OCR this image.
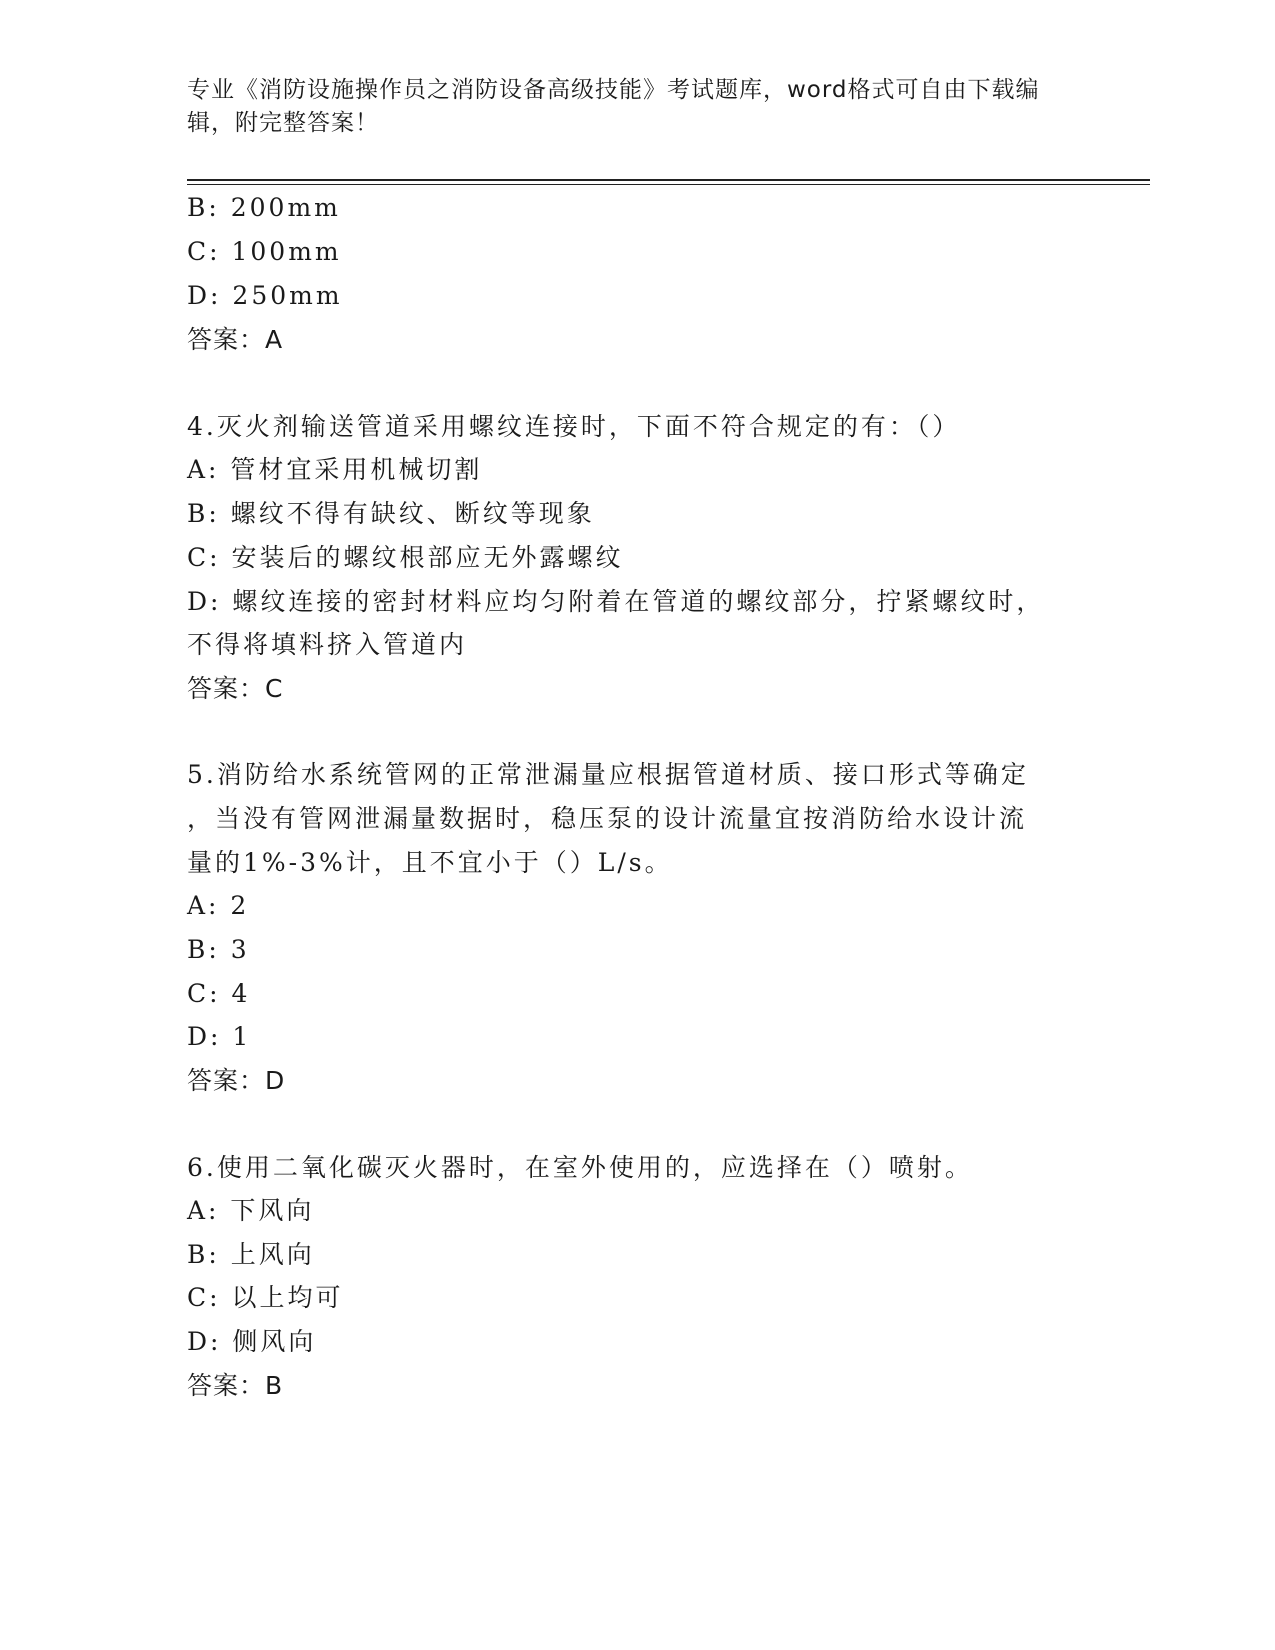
专业《消防设施操作员之消防设备高级技能》考试题库，word格式可自由下载编
辑，附完整答案！
B: 200mm
C: 100mm
D: 250mm
答案：A
4.灭火剂输送管道采用螺纹连接时，下面不符合规定的有：（）
A: 管材宜采用机械切割
B: 螺纹不得有缺纹、断纹等现象
C: 安装后的螺纹根部应无外露螺纹
D: 螺纹连接的密封材料应均匀附着在管道的螺纹部分，拧紧螺纹时，
不得将填料挤入管道内
答案：C
5.消防给水系统管网的正常泄漏量应根据管道材质、接口形式等确定
，当没有管网泄漏量数据时，稳压泵的设计流量宜按消防给水设计流
量的1%-3%计，且不宜小于（）L/s。
A: 2
B: 3
C: 4
D: 1
答案：D
6.使用二氧化碳灭火器时，在室外使用的，应选择在（）喷射。
A: 下风向
B: 上风向
C: 以上均可
D: 侧风向
答案：B
